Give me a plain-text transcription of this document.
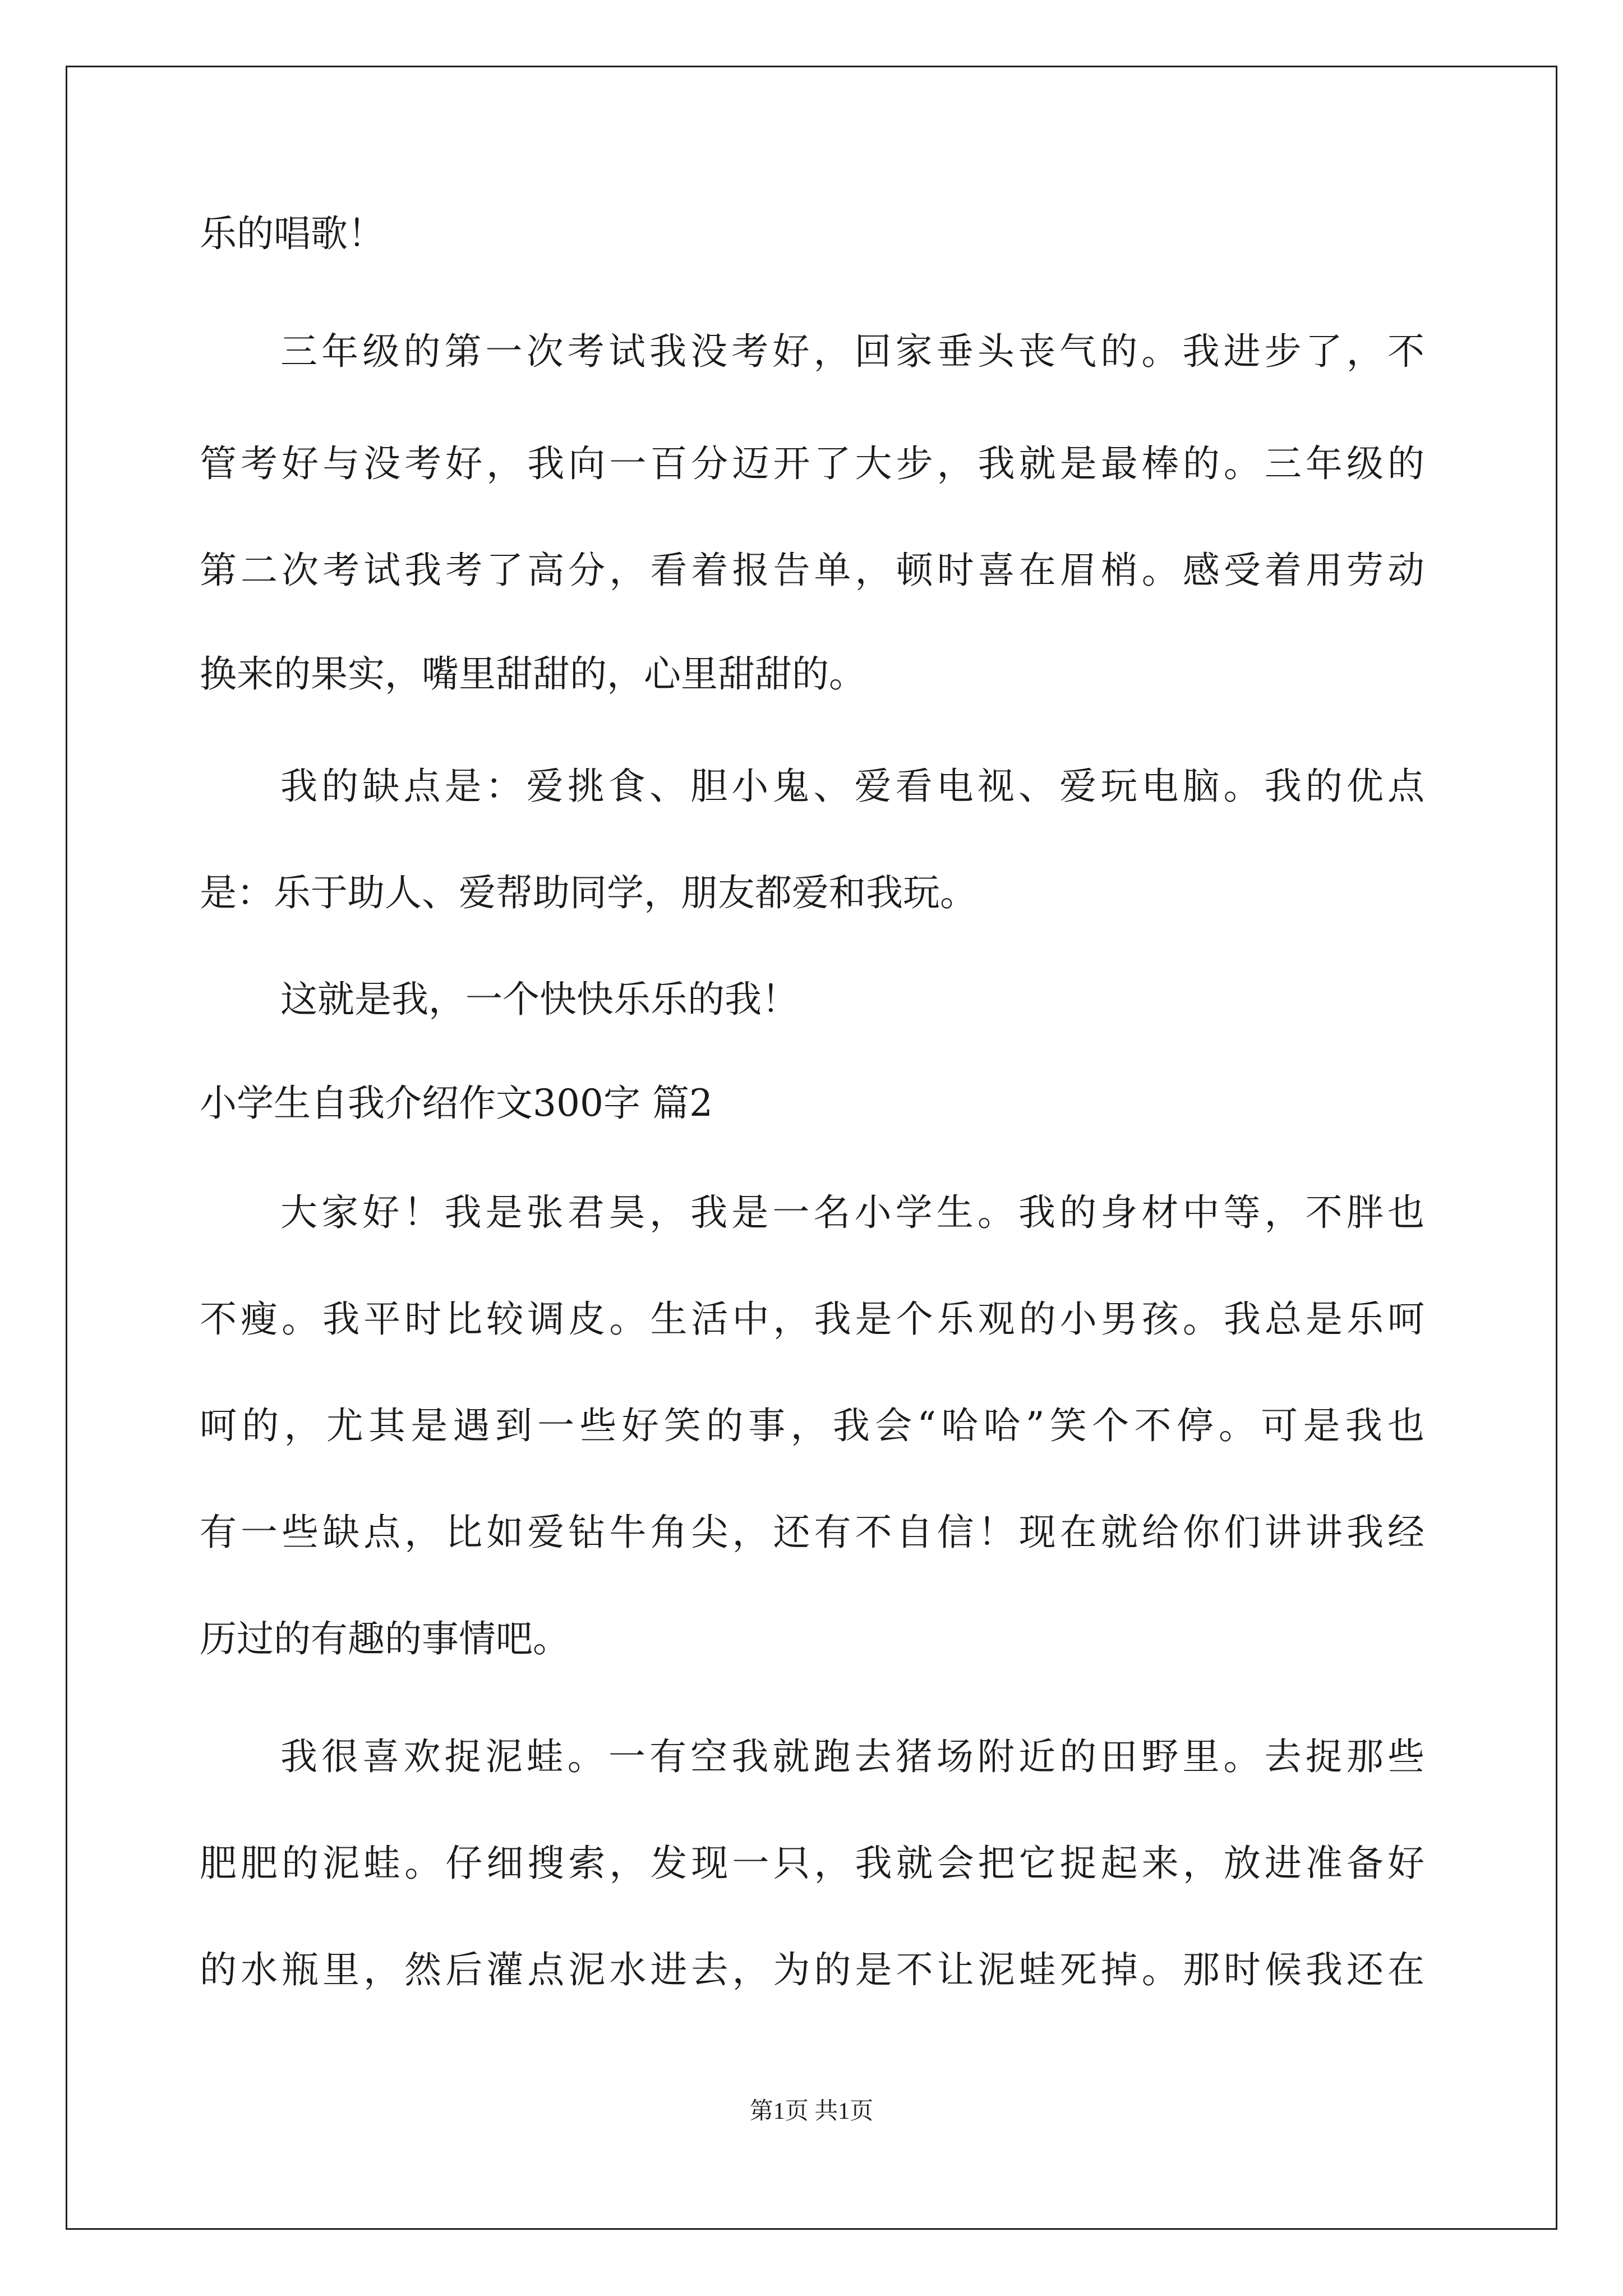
乐的唱歌！

三年级的第一次考试我没考好，回家垂头丧气的。我进步了，不

管考好与没考好，我向一百分迈开了大步，我就是最棒的。三年级的

第二次考试我考了高分，看着报告单，顿时喜在眉梢。感受着用劳动

换来的果实，嘴里甜甜的，心里甜甜的。

我的缺点是：爱挑食、胆小鬼、爱看电视、爱玩电脑。我的优点

是：乐于助人、爱帮助同学，朋友都爱和我玩。

这就是我，一个快快乐乐的我！

小学生自我介绍作文300字 篇2

大家好！我是张君昊，我是一名小学生。我的身材中等，不胖也

不瘦。我平时比较调皮。生活中，我是个乐观的小男孩。我总是乐呵

呵的，尤其是遇到一些好笑的事，我会“哈哈”笑个不停。可是我也

有一些缺点，比如爱钻牛角尖，还有不自信！现在就给你们讲讲我经

历过的有趣的事情吧。

我很喜欢捉泥蛙。一有空我就跑去猪场附近的田野里。去捉那些

肥肥的泥蛙。仔细搜索，发现一只，我就会把它捉起来，放进准备好

的水瓶里，然后灌点泥水进去，为的是不让泥蛙死掉。那时候我还在

第1页 共1页
